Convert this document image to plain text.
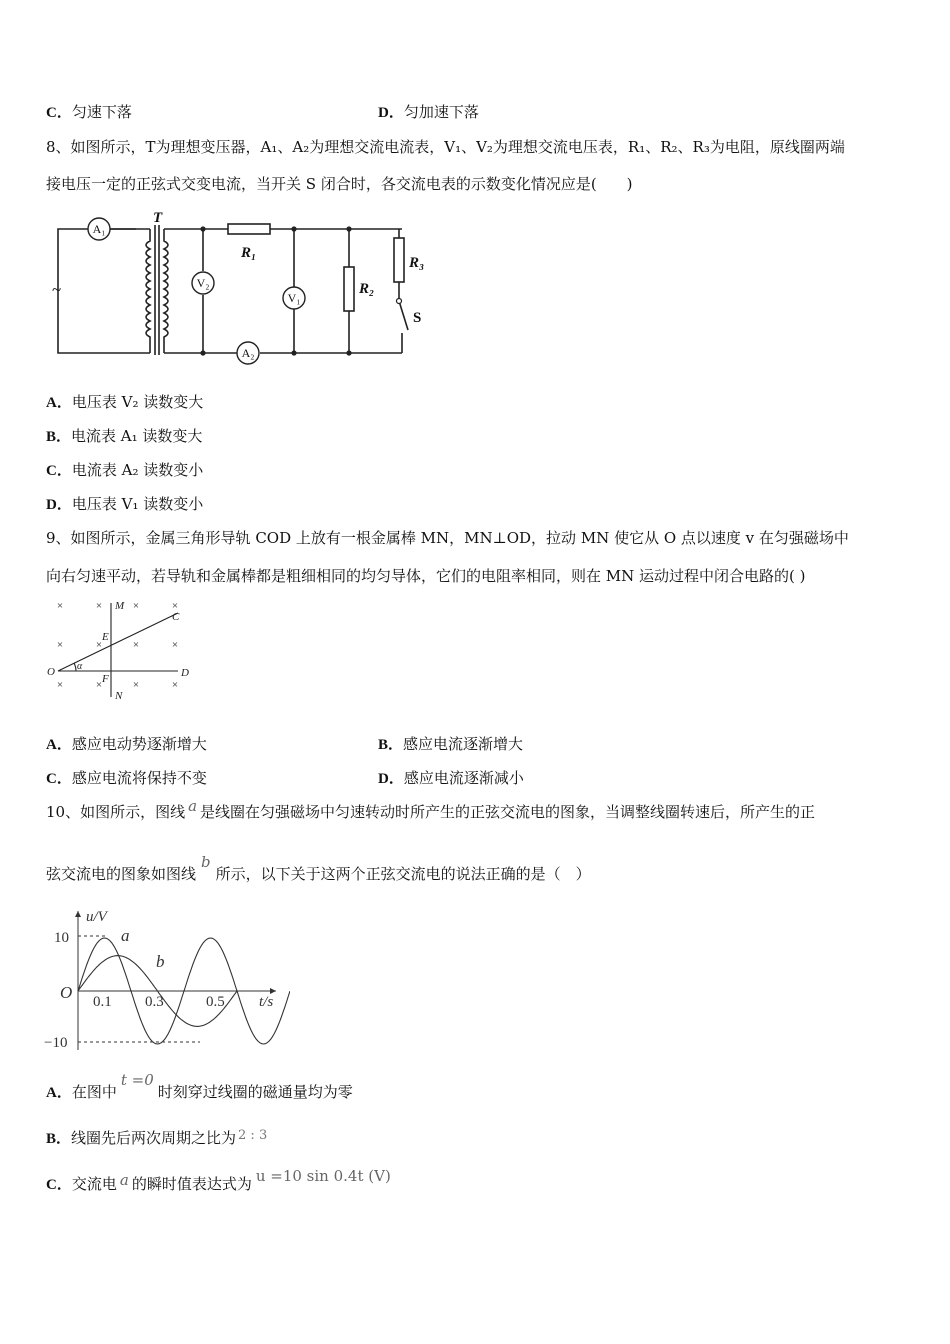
C．匀速下落	D．匀加速下落
8、如图所示，T为理想变压器，A₁、A₂为理想交流电流表，V₁、V₂为理想交流电压表，R₁、R₂、R₃为电阻，原线圈两端
接电压一定的正弦式交变电流，当开关 S 闭合时，各交流电表的示数变化情况应是(　　)
A₁
A₂
V₂
V₁
T
R₁
R₂
R₃
S
~
A．电压表 V₂ 读数变大
B．电流表 A₁ 读数变大
C．电流表 A₂ 读数变小
D．电压表 V₁ 读数变小
9、如图所示，金属三角形导轨 COD 上放有一根金属棒 MN，MN⊥OD，拉动 MN 使它从 O 点以速度 v 在匀强磁场中
向右匀速平动，若导轨和金属棒都是粗细相同的均匀导体，它们的电阻率相同，则在 MN 运动过程中闭合电路的( )
×	×	×	×
×	×	×	×
×	×	×	×
M
N
C
D
O
E
F
α
A．感应电动势逐渐增大	B．感应电流逐渐增大
C．感应电流将保持不变	D．感应电流逐渐减小
10、如图所示，图线 a 是线圈在匀强磁场中匀速转动时所产生的正弦交流电的图象，当调整线圈转速后，所产生的正
弦交流电的图象如图线b所示，以下关于这两个正弦交流电的说法正确的是（　）
u/V
t/s
10
−10
O 0.1 0.3	0.5
a
b
A．在图中t =0时刻穿过线圈的磁通量均为零
B．线圈先后两次周期之比为 2 : 3
C．交流电 a 的瞬时值表达式为 u =10 sin 0.4t (V)
